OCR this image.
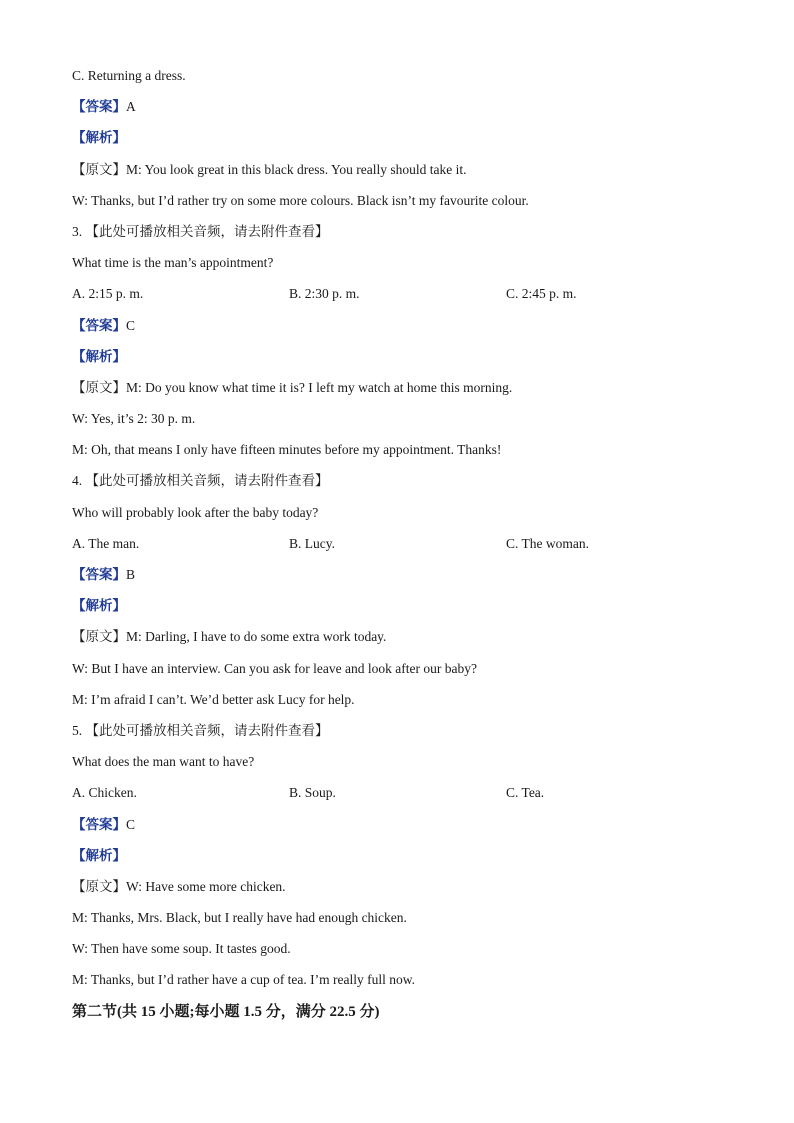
C. Returning a dress.
【答案】A
【解析】
【原文】M: You look great in this black dress. You really should take it.
W: Thanks, but I’d rather try on some more colours. Black isn’t my favourite colour.
3. 【此处可播放相关音频，请去附件查看】
What time is the man’s appointment?
A. 2:15 p. m.	B. 2:30 p. m.	C. 2:45 p. m.
【答案】C
【解析】
【原文】M: Do you know what time it is? I left my watch at home this morning.
W: Yes, it’s 2: 30 p. m.
M: Oh, that means I only have fifteen minutes before my appointment. Thanks!
4. 【此处可播放相关音频，请去附件查看】
Who will probably look after the baby today?
A. The man.	B. Lucy.	C. The woman.
【答案】B
【解析】
【原文】M: Darling, I have to do some extra work today.
W: But I have an interview. Can you ask for leave and look after our baby?
M: I’m afraid I can’t. We’d better ask Lucy for help.
5. 【此处可播放相关音频，请去附件查看】
What does the man want to have?
A. Chicken.	B. Soup.	C. Tea.
【答案】C
【解析】
【原文】W: Have some more chicken.
M: Thanks, Mrs. Black, but I really have had enough chicken.
W: Then have some soup. It tastes good.
M: Thanks, but I’d rather have a cup of tea. I’m really full now.
第二节(共 15 小题;每小题 1.5 分，满分 22.5 分)
